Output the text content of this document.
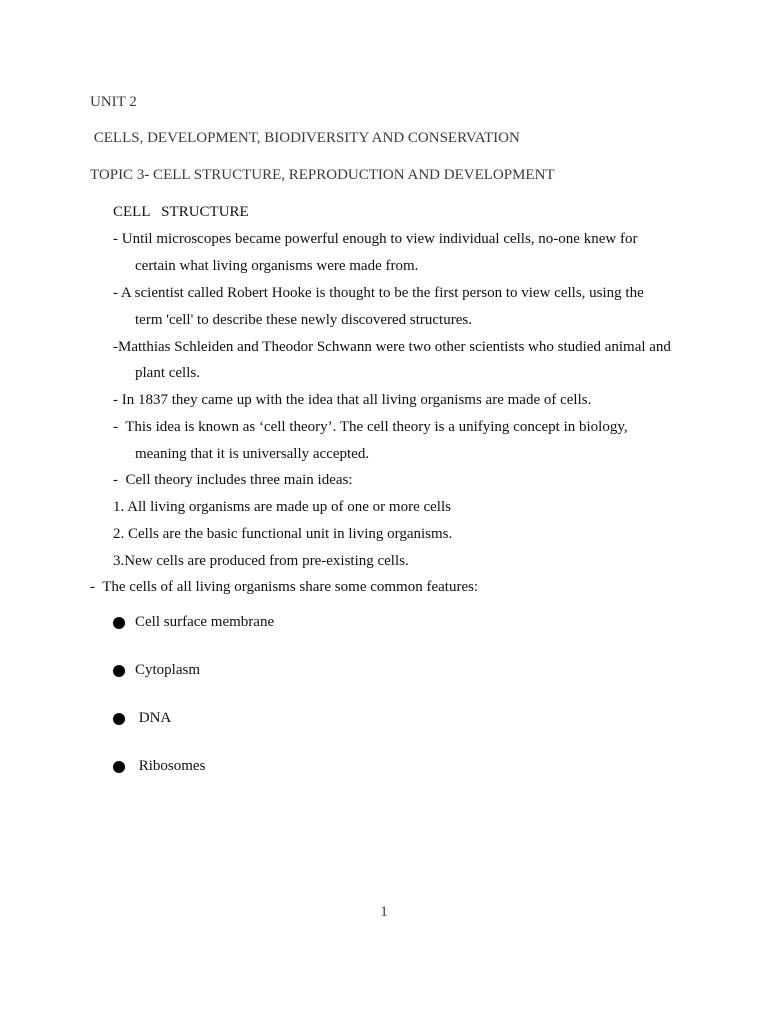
UNIT 2
CELLS, DEVELOPMENT, BIODIVERSITY AND CONSERVATION
TOPIC 3- CELL STRUCTURE, REPRODUCTION AND DEVELOPMENT
CELL   STRUCTURE
- Until microscopes became powerful enough to view individual cells, no-one knew for
certain what living organisms were made from.
- A scientist called Robert Hooke is thought to be the first person to view cells, using the
term 'cell' to describe these newly discovered structures.
-Matthias Schleiden and Theodor Schwann were two other scientists who studied animal and
plant cells.
- In 1837 they came up with the idea that all living organisms are made of cells.
-  This idea is known as ‘cell theory’. The cell theory is a unifying concept in biology,
meaning that it is universally accepted.
-  Cell theory includes three main ideas:
1. All living organisms are made up of one or more cells
2. Cells are the basic functional unit in living organisms.
3.New cells are produced from pre-existing cells.
-  The cells of all living organisms share some common features:
Cell surface membrane
Cytoplasm
DNA
Ribosomes
1
